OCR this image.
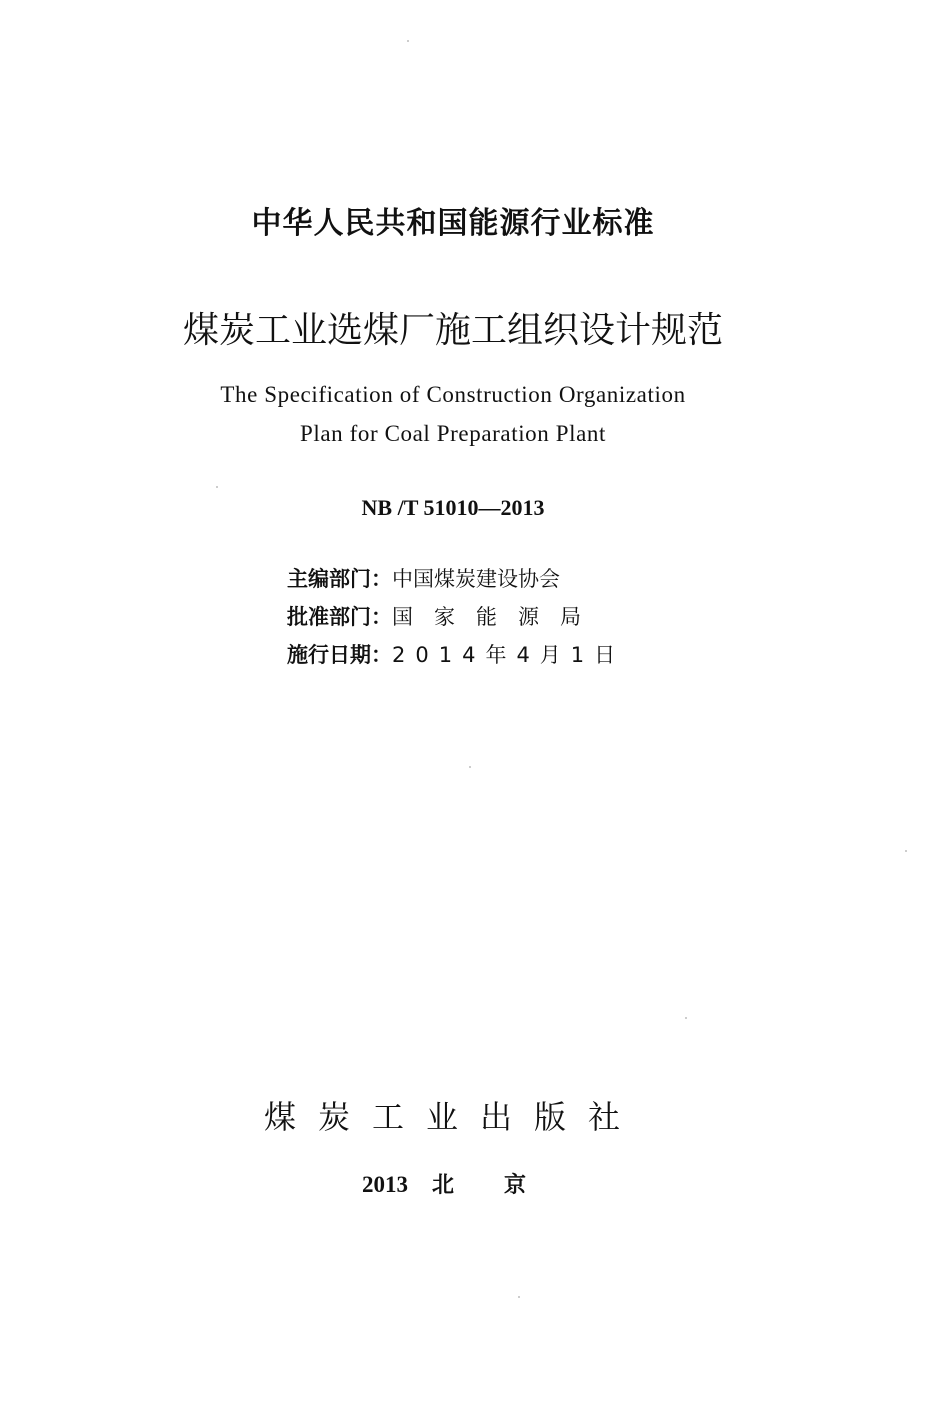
中华人民共和国能源行业标准
煤炭工业选煤厂施工组织设计规范
The Specification of Construction Organization
Plan for Coal Preparation Plant
NB /T 51010—2013
主编部门：中国煤炭建设协会
批准部门：国家能源局
施行日期：2014年4月1日
煤炭工业出版社
2013 北京
